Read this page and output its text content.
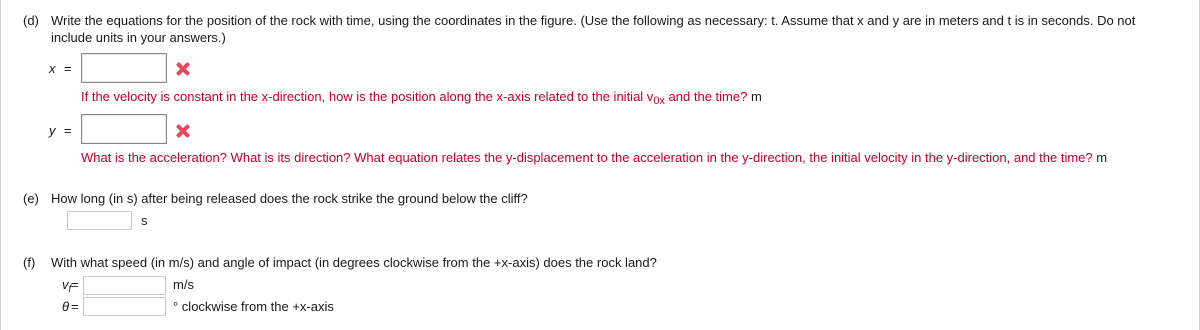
(d) Write the equations for the position of the rock with time, using the coordinates in the figure. (Use the following as necessary: t. Assume that x and y are in meters and t is in seconds. Do not
include units in your answers.)
x =
If the velocity is constant in the x-direction, how is the position along the x-axis related to the initial $v_{0x}$ and the time? m
y =
What is the acceleration? What is its direction? What equation relates the y-displacement to the acceleration in the y-direction, the initial velocity in the y-direction, and the time? m
(e) How long (in s) after being released does the rock strike the ground below the cliff?
s
(f) With what speed (in m/s) and angle of impact (in degrees clockwise from the +x-axis) does the rock land?
$v_f$ =	m/s
θ =	° clockwise from the +x-axis
